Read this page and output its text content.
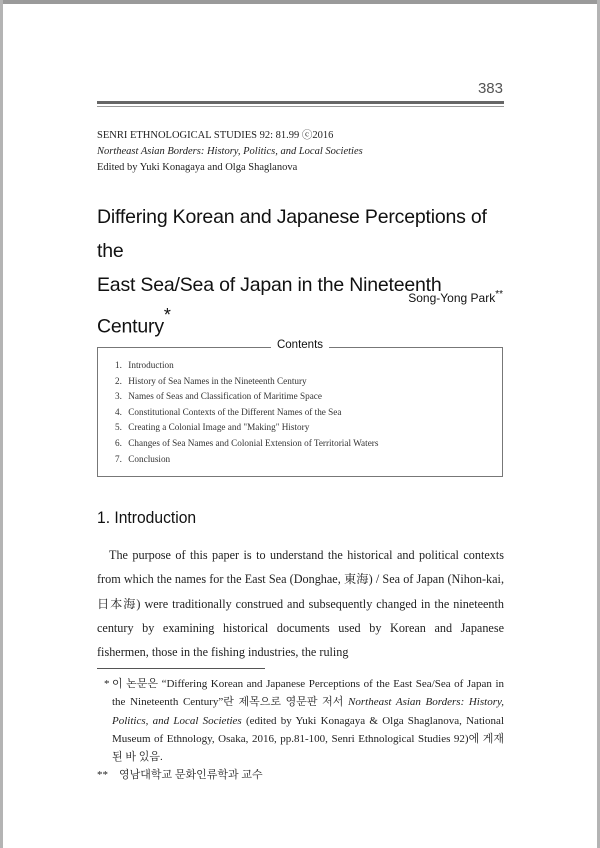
383
SENRI ETHNOLOGICAL STUDIES 92: 81.99 ⓒ2016
Northeast Asian Borders: History, Politics, and Local Societies
Edited by Yuki Konagaya and Olga Shaglanova
Differing Korean and Japanese Perceptions of the
East Sea/Sea of Japan in the Nineteenth Century*
Song-Yong Park**
Contents
1. Introduction
2. History of Sea Names in the Nineteenth Century
3. Names of Seas and Classification of Maritime Space
4. Constitutional Contexts of the Different Names of the Sea
5. Creating a Colonial Image and "Making" History
6. Changes of Sea Names and Colonial Extension of Territorial Waters
7. Conclusion
1. Introduction

The purpose of this paper is to understand the historical and political contexts from which the names for the East Sea (Donghae, 東海) / Sea of Japan (Nihon-kai, 日本海) were traditionally construed and subsequently changed in the nineteenth century by examining historical documents used by Korean and Japanese fishermen, those in the fishing industries, the ruling

* 이 논문은 “Differing Korean and Japanese Perceptions of the East Sea/Sea of Japan in the Nineteenth Century”란 제목으로 영문판 저서 Northeast Asian Borders: History, Politics, and Local Societies (edited by Yuki Konagaya & Olga Shaglanova, National Museum of Ethnology, Osaka, 2016, pp.81-100, Senri Ethnological Studies 92)에 게재된 바 있음.
** 영남대학교 문화인류학과 교수
